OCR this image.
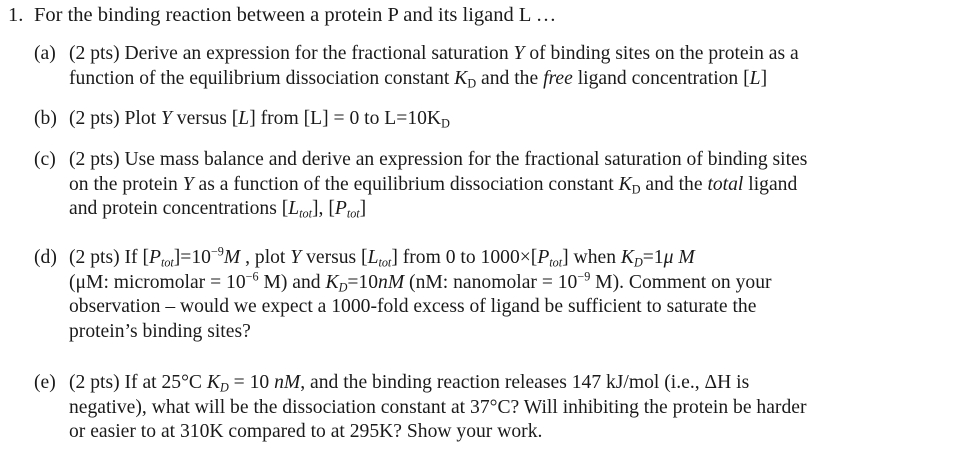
1. For the binding reaction between a protein P and its ligand L …
(a) (2 pts) Derive an expression for the fractional saturation Y of binding sites on the protein as a
function of the equilibrium dissociation constant $K_D$ and the free ligand concentration [L]
(b) (2 pts) Plot Y versus [L] from [L] = 0 to $L=10K_D$
(c) (2 pts) Use mass balance and derive an expression for the fractional saturation of binding sites
on the protein Y as a function of the equilibrium dissociation constant $K_D$ and the total ligand
and protein concentrations $[L_{tot}]$, $[P_{tot}]$
(d) (2 pts) If $[P_{tot}]=10^{-9}M$ , plot Y versus $[L_{tot}]$ from 0 to $1000\times[P_{tot}]$ when $K_D=1\mu$ M
(μM: micromolar = $10^{-6}$ M) and $K_D=10nM$ (nM: nanomolar = $10^{-9}$ M). Comment on your
observation – would we expect a 1000-fold excess of ligand be sufficient to saturate the
protein’s binding sites?
(e) (2 pts) If at 25°C $K_D = 10$ nM, and the binding reaction releases 147 kJ/mol (i.e., ΔH is
negative), what will be the dissociation constant at 37°C? Will inhibiting the protein be harder
or easier to at 310K compared to at 295K? Show your work.
